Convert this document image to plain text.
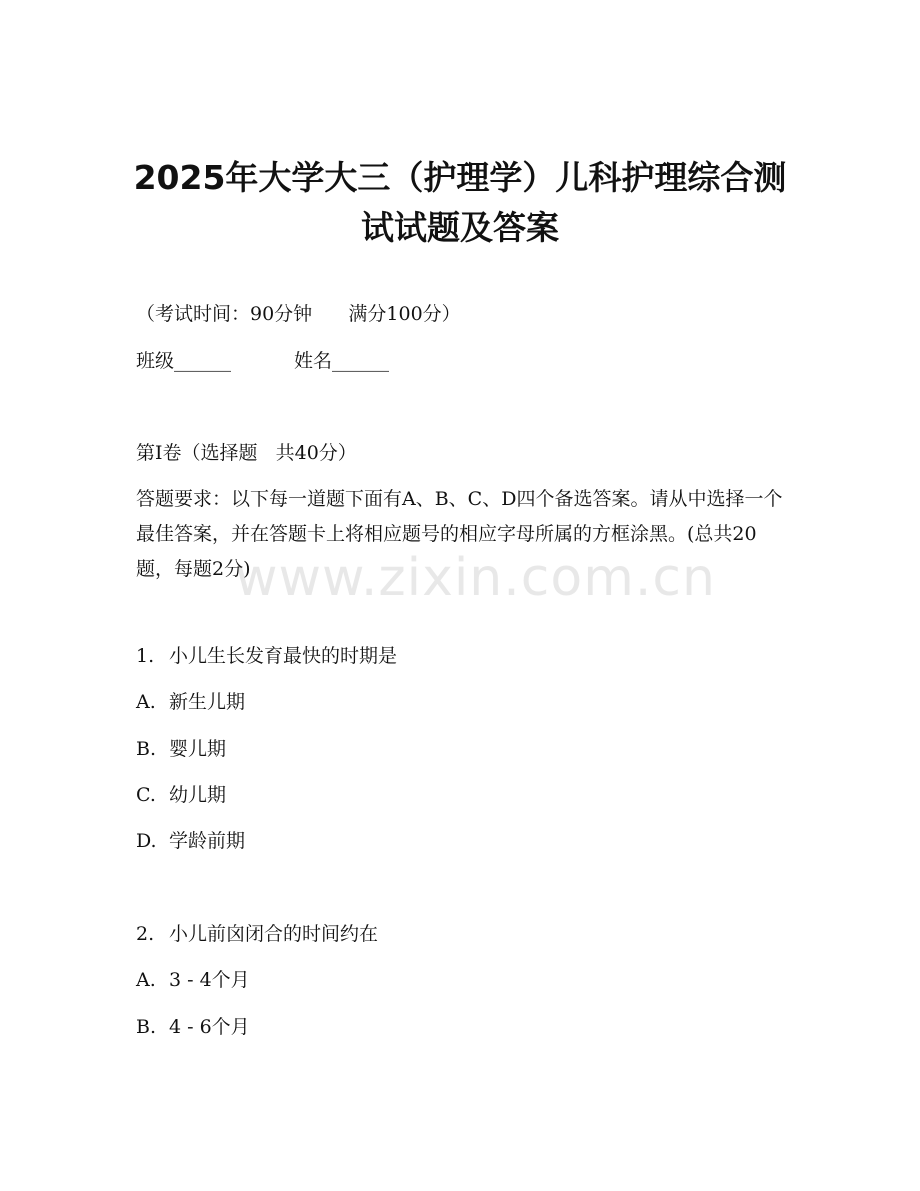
2025年大学大三（护理学）儿科护理综合测
试试题及答案

（考试时间：90分钟      满分100分）

班级______	姓名______

第I卷（选择题   共40分）

答题要求：以下每一道题下面有A、B、C、D四个备选答案。请从中选择一个最佳答案，并在答题卡上将相应题号的相应字母所属的方框涂黑。(总共20题，每题2分)

www.zixin.com.cn

1. 小儿生长发育最快的时期是

A. 新生儿期

B. 婴儿期

C. 幼儿期

D. 学龄前期

2. 小儿前囟闭合的时间约在

A. 3 - 4个月

B. 4 - 6个月
